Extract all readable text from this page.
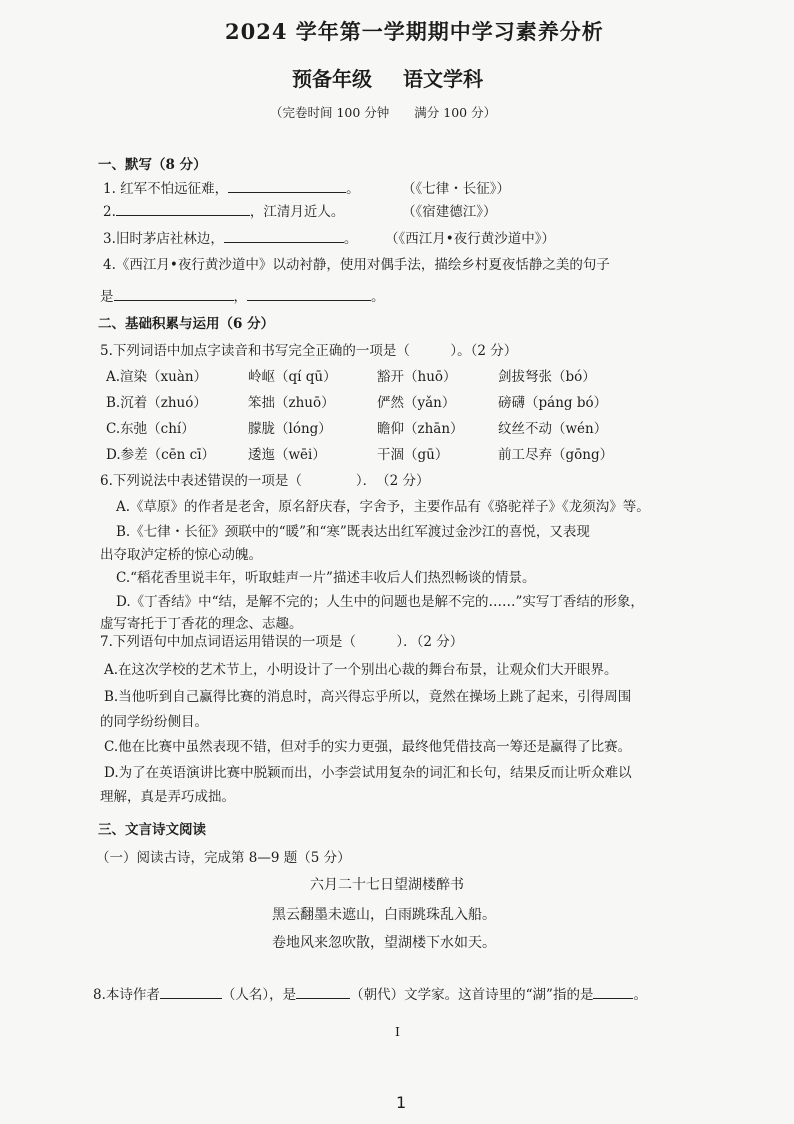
2024 学年第一学期期中学习素养分析
预备年级 语文学科
（完卷时间 100 分钟　　满分 100 分）
一、默写（8 分）
1. 红军不怕远征难，	。	（《七律・长征》）
2.	，江清月近人。	（《宿建德江》）
3.旧时茅店社林边，	。 （《西江月•夜行黄沙道中》）
4.《西江月•夜行黄沙道中》以动衬静，使用对偶手法，描绘乡村夏夜恬静之美的句子
是	，	。
二、基础积累与运用（6 分）
5.下列词语中加点字读音和书写完全正确的一项是（　　　）。（2 分）
A.渲染（xuàn）	岭岖（qí qū）	豁开（huō）	剑拔弩张（bó）
B.沉着（zhuó）	笨拙（zhuō）	俨然（yǎn）	磅礴（páng bó）
C.东弛（chí）	朦胧（lóng）	瞻仰（zhān）	纹丝不动（wén）
D.参差（cēn cī） 逶迤（wēi）	干涸（gū）	前工尽弃（gōng）
6.下列说法中表述错误的一项是（　　　　）．　（2 分）
A.《草原》的作者是老舍，原名舒庆春，字舍予，主要作品有《骆驼祥子》《龙须沟》等。
B.《七律・长征》颈联中的“暖”和“寒”既表达出红军渡过金沙江的喜悦，又表现
出夺取泸定桥的惊心动魄。
C.“稻花香里说丰年，听取蛙声一片”描述丰收后人们热烈畅谈的情景。
D.《丁香结》中“结，是解不完的；人生中的问题也是解不完的……”实写丁香结的形象，
虚写寄托于丁香花的理念、志趣。
7.下列语句中加点词语运用错误的一项是（　　　）．（2 分）
A.在这次学校的艺术节上，小明设计了一个别出心裁的舞台布景，让观众们大开眼界。
B.当他听到自己赢得比赛的消息时，高兴得忘乎所以，竟然在操场上跳了起来，引得周围
的同学纷纷侧目。
C.他在比赛中虽然表现不错，但对手的实力更强，最终他凭借技高一筹还是赢得了比赛。
D.为了在英语演讲比赛中脱颖而出，小李尝试用复杂的词汇和长句，结果反而让听众难以
理解，真是弄巧成拙。
三、文言诗文阅读
（一）阅读古诗，完成第 8—9 题（5 分）
六月二十七日望湖楼醉书
黑云翻墨未遮山，白雨跳珠乱入船。
卷地风来忽吹散，望湖楼下水如天。
8.本诗作者	（人名），是	（朝代）文学家。这首诗里的“湖”指的是	。
I
1
